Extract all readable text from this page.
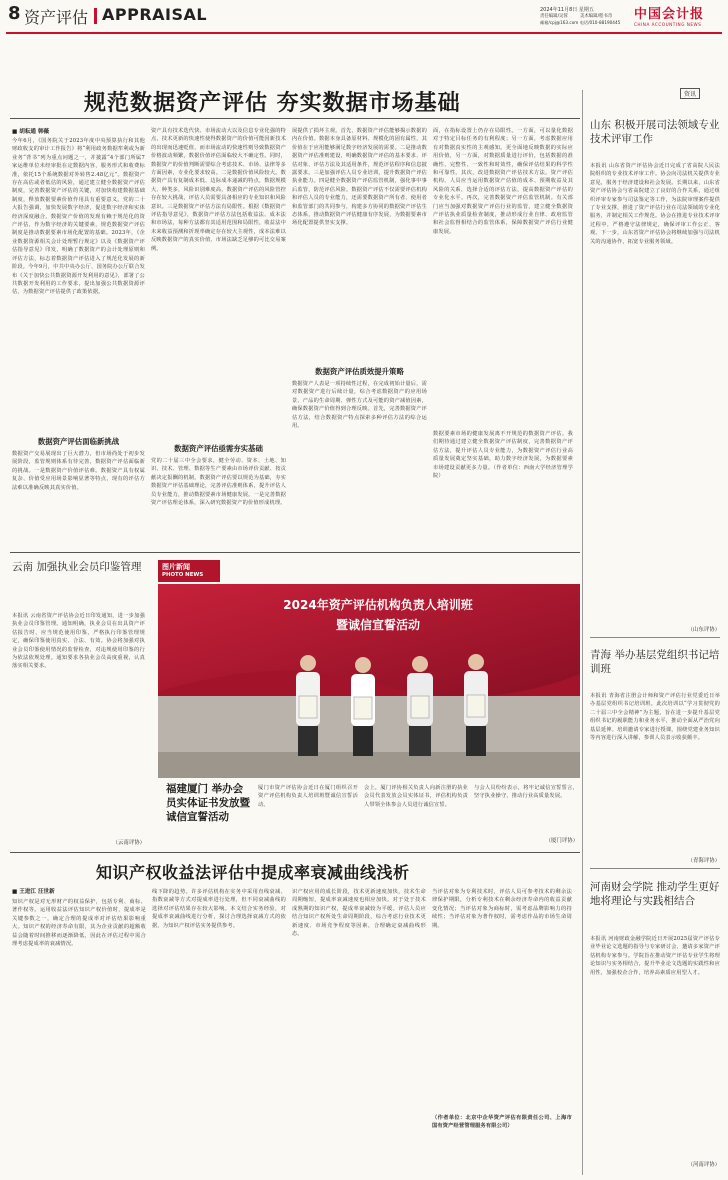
8 资产评估 APPRAISAL	2024年11月8日 星期五
责任编辑/吴蓉	美术编辑/程书奇
邮箱/cpj@163.com 电话/010-88190445
中国会计报
CHINA ACCOUNTING NEWS
规范数据资产评估 夯实数据市场基础
■ 胡耘通 韩薇
今年6月，《国务院关于2023年度中央预算执行和其他财政收支的审计工作报告》将“利用政务数据牟利或为新业务“背书”列为重点问题之一，并披露“4个部门所属7家运维单位未经审批在定数据内容，服务形式和收费标准，依托15个系统数据对外转售2.48亿元”。数据资产存在高估或者低估的风险，通过建立健全数据资产评估制度，完善数据资产评估的关键，对加快构建数据基础制度，释放数据要素价值作用具有重要意义。党的二十大报告强调，加快发展数字经济，促进数字经济和实体经济深度融合。数据资产价值的发现有赖于规范化的资产评估，作为数字经济的关键要素，规范数据资产评估制度是推动数据要素市场化配置的基础。2023年，《企业数据资源相关会计处理暂行规定》以及《数据资产评估指导意见》印发，明确了数据资产的会计处理原则和评估方法，标志着数据资产评估进入了规范化发展的新阶段。今年9月，中共中央办公厅、国务院办公厅联合发布《关于加快公共数据资源开发利用的意见》，部署了公共数据开发利用的工作要求，提出加强公共数据资源评估，为数据资产评估提供了政策依据。
数据资产评估面临新挑战
数据资产交易展现出了巨大潜力，但市场尚处于初步发展阶段，监管规则体系有待完善，数据资产评估面临新的挑战。一是数据资产价值评估难。数据资产具有权属复杂、价值受应用场景影响显著等特点，现有的评估方法难以准确反映其真实价值。
资产具有技术迭代快、市场流动大以及信息专业化强的特点，技术更新的快速性使得数据资产的价值可能因新技术的出现而迅速贬值，而市场流动的快速性则导致数据资产价格波动频繁，数据价值评估面临较大不确定性。同时，数据资产的价值判断需要综合考虑技术、市场、法律等多方面因素，专业化要求较高。二是数据价值风险较大。数据资产具有复制成本低、边际成本递减的特点，数据规模大、种类多，风险识别难度高，数据资产评估的风险管控存在较大挑战，评估人员需要具备相应的专业知识和风险意识。三是数据资产评估方法有局限性。根据《数据资产评估指导意见》，数据资产评估方法包括收益法、成本法和市场法，每种方法都有其适用范围和局限性，收益法中未来收益预测和折现率确定存在较大主观性，成本法难以反映数据资产的真实价值，市场法缺乏足够的可比交易案例。
数据资产评估亟需夯实基础
党的二十届三中全会要求，健全劳动、资本、土地、知识、技术、管理、数据等生产要素由市场评价贡献、按贡献决定报酬的机制。数据资产评估要以规范为基础，夯实数据资产评估基础理论，完善评估准则体系，提升评估人员专业能力，推动数据要素市场健康发展。一是完善数据资产评估理论体系，深入研究数据资产的价值形成机理。
展提供了损坏主观。首先，数据资产评估能够揭示数据的内在价值。数据本身具备原材料、规模化的固有属性，其价值在于应用能够满足数字经济发展的需要。二是推动数据资产评估准则建设，明确数据资产评估的基本要求、评估对象、评估方法及其适用条件，规范评估程序和信息披露要求。三是加强评估人员专业培训，提升数据资产评估执业能力。四是健全数据资产评估监管机制，强化事中事后监管，防范评估风险。数据资产评估不仅需要评估机构和评估人员的专业能力，还需要数据资产所有者、使用者和监管部门的共同参与，构建多方协同的数据资产评估生态体系，推动数据资产评估健康有序发展，为数据要素市场化配置提供坚实支撑。
数据资产评估质效提升策略
数据资产人表是一项持续性过程，在完成初始计量后，需对数据资产进行后续计量，综合考虑数据资产的应用场景、产品的生命周期、弹性方式及可能的资产减值因素，确保数据资产价值得到合理反映。首先，完善数据资产评估方法，结合数据资产特点探索多种评估方法的综合运用。
面，在指标设置上仍存在局限性。一方面，可以量化数据对于特定目标任务的有利程度；另一方面，考虑数据应用有对数据真实性的主观感知。更全面地反映数据的实际应用价值，另一方面，对数据质量进行评价，包括数据的准确性、完整性、一致性和时效性，确保评估结果的科学性和可靠性。其次，改进数据资产评估技术方法。资产评估机构、人员应当运用数据资产估值的成本、预期收益及其风险的关系，选择合适的评估方法，提高数据资产评估的专业化水平。再次，完善数据资产评估监管机制。有关部门应当加强对数据资产评估行业的监管，建立健全数据资产评估执业质量检查制度，推动形成行业自律、政府监管和社会监督相结合的监管体系，保障数据资产评估行业健康发展。
数据要素市场的健康发展离不开规范的数据资产评估。我们期待通过建立健全数据资产评估制度，完善数据资产评估方法，提升评估人员专业能力，为数据资产评估行业高质量发展奠定坚实基础，助力数字经济发展，为数据要素市场建设贡献更多力量。（作者单位：西南大学经济管理学院）
资讯
山东 积极开展司法领域专业技术评审工作
本报讯 山东省资产评估协会近日完成了省高院人民法院组织的专业技术评审工作。协会向司法机关提供专业意见，服务于经济建设和社会发展。长期以来，山东省资产评估协会与省高院建立了良好的合作关系，通过组织评审专家参与司法鉴定等工作，为法院审理案件提供了专业支撑，推进了资产评估行业在司法领域的专业化服务，并制定相关工作规范。协会在推进专业技术评审过程中，严格遵守法律规定，确保评审工作公正、客观。下一步，山东省资产评估协会将继续加强与司法机关的沟通协作，拓宽专业服务领域。
（山东评协）
青海 举办基层党组织书记培训班
本报讯 青海省注册会计师和资产评估行业党委近日举办基层党组织书记培训班。此次培训以“学习贯彻党的二十届三中全会精神”为主题，旨在进一步提升基层党组织书记的履职能力和业务水平，推动全面从严治党向基层延伸。培训邀请专家进行授课，围绕党建业务知识等内容进行深入讲解，参训人员表示收获颇丰。
（青海评协）
河南财会学院 推动学生更好地将理论与实践相结合
本报讯 河南财政金融学院近日开展2025届资产评估专业毕业论文选题的指导与专家研讨会，邀请多家资产评估机构专家参与。学院旨在推动资产评估专业学生将理论知识与实务相结合，提升毕业论文选题的实践性和应用性，加强校企合作，培养高素质应用型人才。
（河南评协）
云南 加强执业会员印鉴管理
本报讯 云南省资产评估协会近日印发通知，进一步加强执业会员印鉴管理。通知明确，执业会员在出具资产评估报告时，应当规范使用印鉴，严格执行印鉴管理规定，确保印鉴使用真实、合法、有效。协会将加强对执业会员印鉴使用情况的监督检查，对违规使用印鉴的行为依法依规处理。通知要求各执业会员高度重视，认真落实相关要求。
（云南评协）
图片新闻
PHOTO NEWS
2024年资产评估机构负责人培训班
暨诚信宣誓活动
福建厦门 举办会员实体证书发放暨诚信宣誓活动
厦门市资产评估协会近日在厦门组织召开资产评估机构负责人培训班暨诚信宣誓活动。
会上，厦门评协相关负责人向新注册的执业会员代表发放会员实体证书，评估机构负责人带领全体参会人员进行诚信宣誓。
与会人员纷纷表示，将牢记诚信宣誓誓言，坚守执业操守，推动行业高质量发展。
（厦门评协）
知识产权收益法评估中提成率衰减曲线浅析
■ 王进江 汪世新
知识产权是对无形财产的权益保护，包括专利、商标、著作权等。运用收益法评估知识产权价值时，提成率是关键参数之一，确定合理的提成率对评估结果影响重大。知识产权的经济寿命有限，其为企业贡献的超额收益会随着时间推移而逐渐降低，因此在评估过程中需合理考虑提成率的衰减情况。
线下降的趋势。许多评估机构在实务中采用直线衰减、指数衰减等方式对提成率进行处理，但不同衰减曲线的选择对评估结果存在较大影响。本文结合实务经验，对提成率衰减曲线进行分析，探讨合理选择衰减方式的依据，为知识产权评估实务提供参考。
识产权应用的成长阶段，技术更新速度加快，技术生命周期缩短，提成率衰减速度也相应加快。对于处于技术成熟期的知识产权，提成率衰减较为平缓。评估人员应结合知识产权所处生命周期阶段，综合考虑行业技术更新速度、市场竞争程度等因素，合理确定衰减曲线形态。
当评估对象为专利技术时，评估人员可参考技术的剩余法律保护期限，分析专利技术在剩余经济寿命内的收益贡献变化情况；当评估对象为商标时，需考虑品牌影响力的持续性；当评估对象为著作权时，需考虑作品的市场生命周期。
（作者单位：北京中企华资产评估有限责任公司、上海市国有资产经营管理服务有限公司）
